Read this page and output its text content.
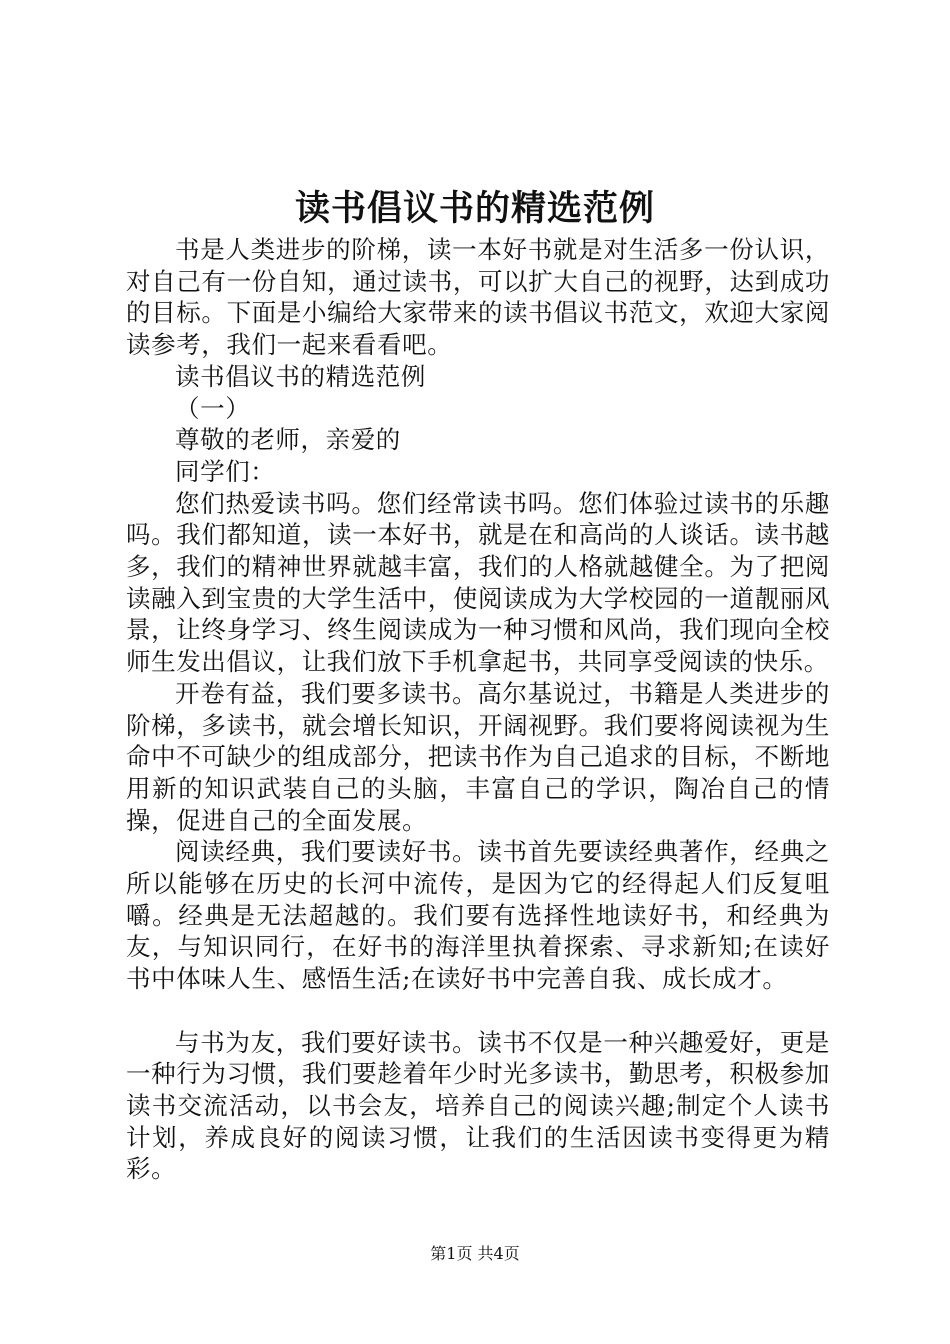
读书倡议书的精选范例

书是人类进步的阶梯，读一本好书就是对生活多一份认识，对自己有一份自知，通过读书，可以扩大自己的视野，达到成功的目标。下面是小编给大家带来的读书倡议书范文，欢迎大家阅读参考，我们一起来看看吧。

读书倡议书的精选范例

（一）

尊敬的老师，亲爱的

同学们：

您们热爱读书吗。您们经常读书吗。您们体验过读书的乐趣吗。我们都知道，读一本好书，就是在和高尚的人谈话。读书越多，我们的精神世界就越丰富，我们的人格就越健全。为了把阅读融入到宝贵的大学生活中，使阅读成为大学校园的一道靓丽风景，让终身学习、终生阅读成为一种习惯和风尚，我们现向全校师生发出倡议，让我们放下手机拿起书，共同享受阅读的快乐。

开卷有益，我们要多读书。高尔基说过，书籍是人类进步的阶梯，多读书，就会增长知识，开阔视野。我们要将阅读视为生命中不可缺少的组成部分，把读书作为自己追求的目标，不断地用新的知识武装自己的头脑，丰富自己的学识，陶冶自己的情操，促进自己的全面发展。

阅读经典，我们要读好书。读书首先要读经典著作，经典之所以能够在历史的长河中流传，是因为它的经得起人们反复咀嚼。经典是无法超越的。我们要有选择性地读好书，和经典为友，与知识同行，在好书的海洋里执着探索、寻求新知;在读好书中体味人生、感悟生活;在读好书中完善自我、成长成才。

与书为友，我们要好读书。读书不仅是一种兴趣爱好，更是一种行为习惯，我们要趁着年少时光多读书，勤思考，积极参加读书交流活动，以书会友，培养自己的阅读兴趣;制定个人读书计划，养成良好的阅读习惯，让我们的生活因读书变得更为精彩。

第1页 共4页
